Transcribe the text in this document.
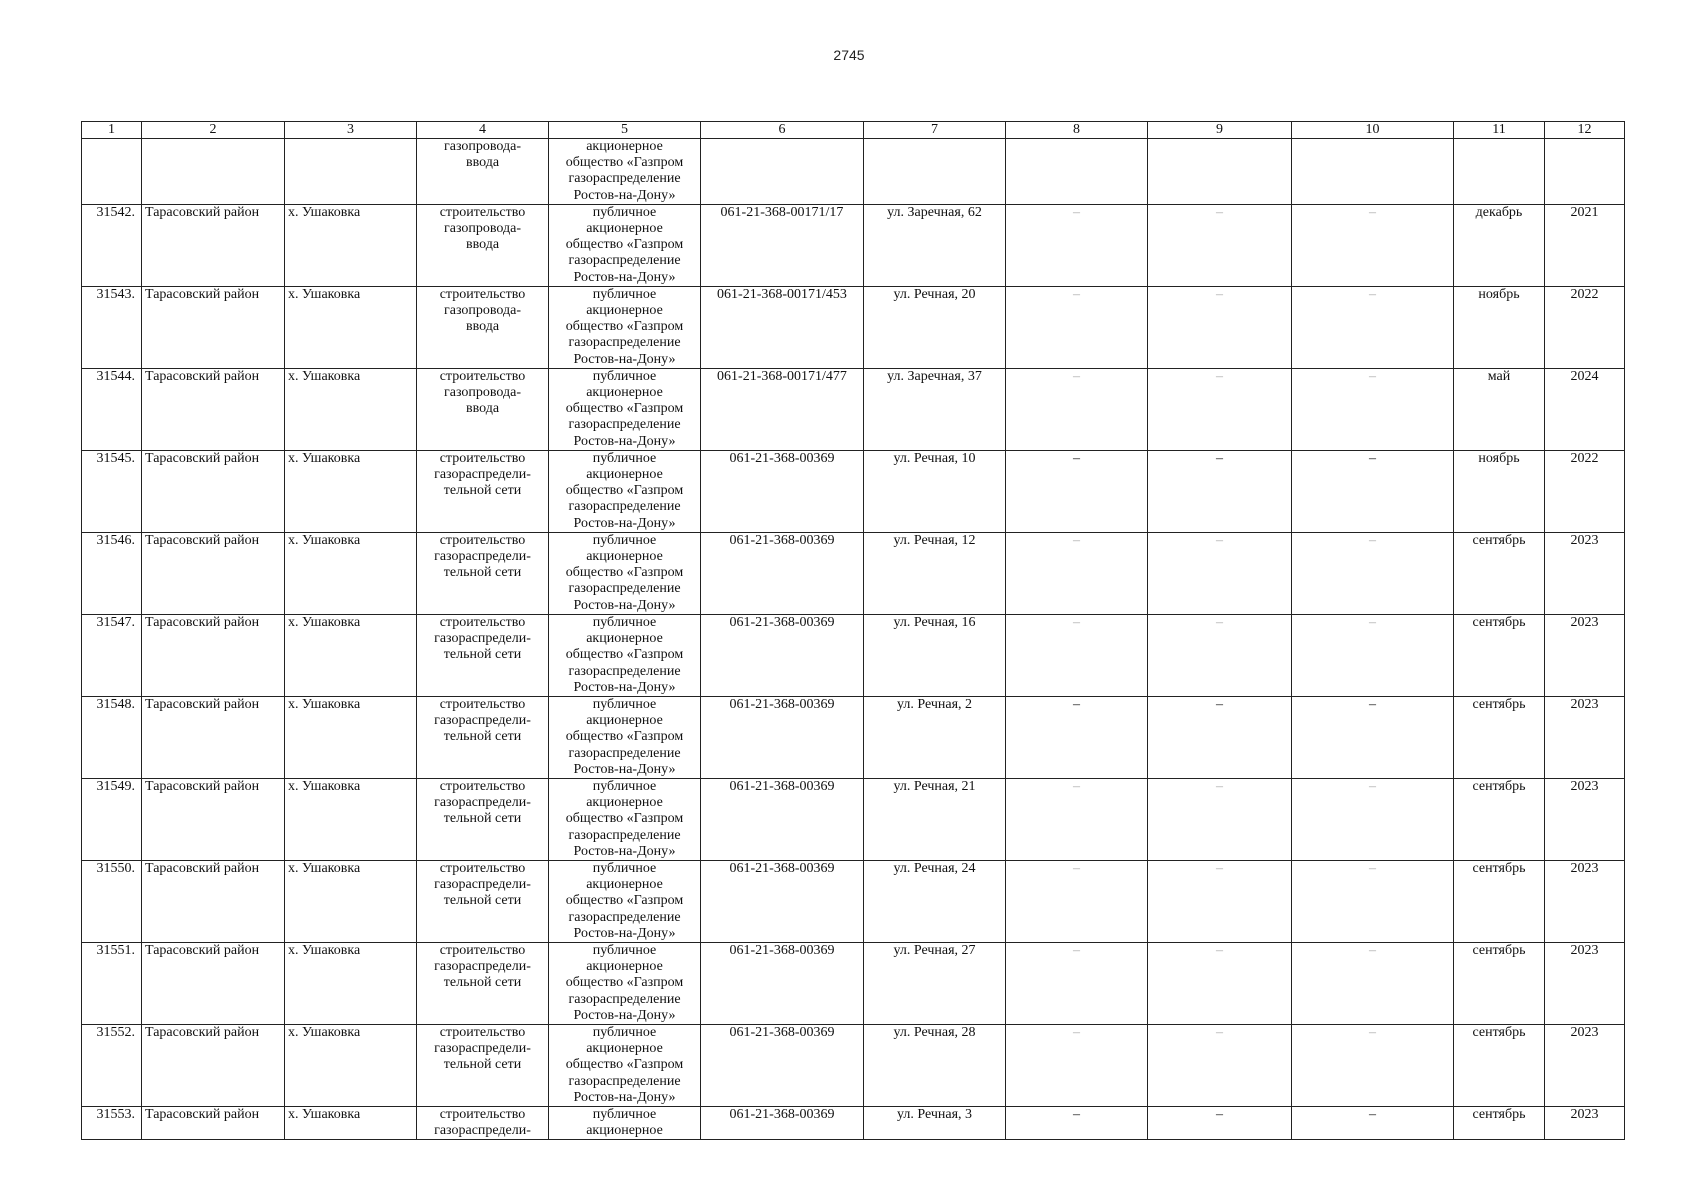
2745
1	2	3	4	5	6	7	8	9	10	11	12
			газопровода-
ввода	акционерное
общество «Газпром
газораспределение
Ростов-на-Дону»							
31542.	Тарасовский район	х. Ушаковка	строительство
газопровода-
ввода	публичное
акционерное
общество «Газпром
газораспределение
Ростов-на-Дону»	061-21-368-00171/17	ул. Заречная, 62	–	–	–	декабрь	2021
31543.	Тарасовский район	х. Ушаковка	строительство
газопровода-
ввода	публичное
акционерное
общество «Газпром
газораспределение
Ростов-на-Дону»	061-21-368-00171/453	ул. Речная, 20	–	–	–	ноябрь	2022
31544.	Тарасовский район	х. Ушаковка	строительство
газопровода-
ввода	публичное
акционерное
общество «Газпром
газораспределение
Ростов-на-Дону»	061-21-368-00171/477	ул. Заречная, 37	–	–	–	май	2024
31545.	Тарасовский район	х. Ушаковка	строительство
газораспредели-
тельной сети	публичное
акционерное
общество «Газпром
газораспределение
Ростов-на-Дону»	061-21-368-00369	ул. Речная, 10	–	–	–	ноябрь	2022
31546.	Тарасовский район	х. Ушаковка	строительство
газораспредели-
тельной сети	публичное
акционерное
общество «Газпром
газораспределение
Ростов-на-Дону»	061-21-368-00369	ул. Речная, 12	–	–	–	сентябрь	2023
31547.	Тарасовский район	х. Ушаковка	строительство
газораспредели-
тельной сети	публичное
акционерное
общество «Газпром
газораспределение
Ростов-на-Дону»	061-21-368-00369	ул. Речная, 16	–	–	–	сентябрь	2023
31548.	Тарасовский район	х. Ушаковка	строительство
газораспредели-
тельной сети	публичное
акционерное
общество «Газпром
газораспределение
Ростов-на-Дону»	061-21-368-00369	ул. Речная, 2	–	–	–	сентябрь	2023
31549.	Тарасовский район	х. Ушаковка	строительство
газораспредели-
тельной сети	публичное
акционерное
общество «Газпром
газораспределение
Ростов-на-Дону»	061-21-368-00369	ул. Речная, 21	–	–	–	сентябрь	2023
31550.	Тарасовский район	х. Ушаковка	строительство
газораспредели-
тельной сети	публичное
акционерное
общество «Газпром
газораспределение
Ростов-на-Дону»	061-21-368-00369	ул. Речная, 24	–	–	–	сентябрь	2023
31551.	Тарасовский район	х. Ушаковка	строительство
газораспредели-
тельной сети	публичное
акционерное
общество «Газпром
газораспределение
Ростов-на-Дону»	061-21-368-00369	ул. Речная, 27	–	–	–	сентябрь	2023
31552.	Тарасовский район	х. Ушаковка	строительство
газораспредели-
тельной сети	публичное
акционерное
общество «Газпром
газораспределение
Ростов-на-Дону»	061-21-368-00369	ул. Речная, 28	–	–	–	сентябрь	2023
31553.	Тарасовский район	х. Ушаковка	строительство
газораспредели-	публичное
акционерное	061-21-368-00369	ул. Речная, 3	–	–	–	сентябрь	2023
